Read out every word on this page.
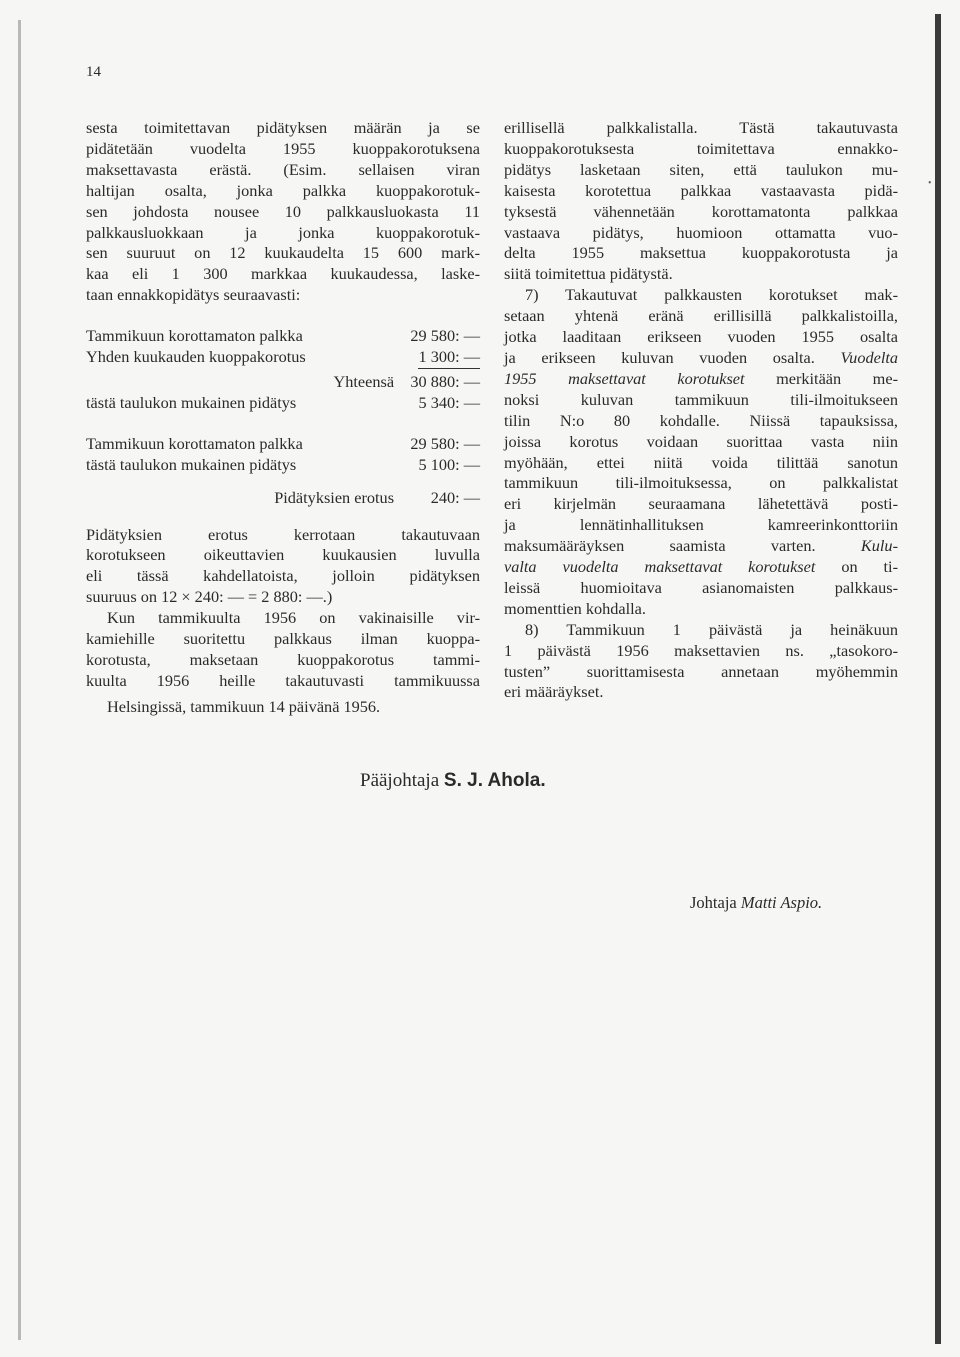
•
14
sesta toimitettavan pidätyksen määrän ja se
pidätetään vuodelta 1955 kuoppakorotuksena
maksettavasta erästä. (Esim. sellaisen viran
haltijan osalta, jonka palkka kuoppakorotuk-
sen johdosta nousee 10 palkkausluokasta 11
palkkausluokkaan ja jonka kuoppakorotuk-
sen suuruut on 12 kuukaudelta 15 600 mark-
kaa eli 1 300 markkaa kuukaudessa, laske-
taan ennakkopidätys seuraavasti:
Tammikuun korottamaton palkka	29 580: —
Yhden kuukauden kuoppakorotus	1 300: —
Yhteensä 30 880: —
tästä taulukon mukainen pidätys	5 340: —
Tammikuun korottamaton palkka	29 580: —
tästä taulukon mukainen pidätys	5 100: —
Pidätyksien erotus 240: —
Pidätyksien erotus kerrotaan takautuvaan
korotukseen oikeuttavien kuukausien luvulla
eli tässä kahdellatoista, jolloin pidätyksen
suuruus on 12 × 240: — = 2 880: —.)
Kun tammikuulta 1956 on vakinaisille vir-
kamiehille suoritettu palkkaus ilman kuoppa-
korotusta, maksetaan kuoppakorotus tammi-
kuulta 1956 heille takautuvasti tammikuussa
Helsingissä, tammikuun 14 päivänä 1956.
erillisellä palkkalistalla. Tästä takautuvasta
kuoppakorotuksesta toimitettava ennakko-
pidätys lasketaan siten, että taulukon mu-
kaisesta korotettua palkkaa vastaavasta pidä-
tyksestä vähennetään korottamatonta palkkaa
vastaava pidätys, huomioon ottamatta vuo-
delta 1955 maksettua kuoppakorotusta ja
siitä toimitettua pidätystä.
7) Takautuvat palkkausten korotukset mak-
setaan yhtenä eränä erillisillä palkkalistoilla,
jotka laaditaan erikseen vuoden 1955 osalta
ja erikseen kuluvan vuoden osalta. Vuodelta
1955 maksettavat korotukset merkitään me-
noksi kuluvan tammikuun tili-ilmoitukseen
tilin N:o 80 kohdalle. Niissä tapauksissa,
joissa korotus voidaan suorittaa vasta niin
myöhään, ettei niitä voida tilittää sanotun
tammikuun tili-ilmoituksessa, on palkkalistat
eri kirjelmän seuraamana lähetettävä posti-
ja lennätinhallituksen kamreerinkonttoriin
maksumääräyksen saamista varten.	Kulu-
valta vuodelta maksettavat korotukset on ti-
leissä huomioitava asianomaisten palkkaus-
momenttien kohdalla.
8) Tammikuun 1 päivästä ja heinäkuun
1 päivästä 1956 maksettavien ns. „tasokoro-
tusten” suorittamisesta annetaan myöhemmin
eri määräykset.
Pääjohtaja S. J. Ahola.
Johtaja Matti Aspio.
